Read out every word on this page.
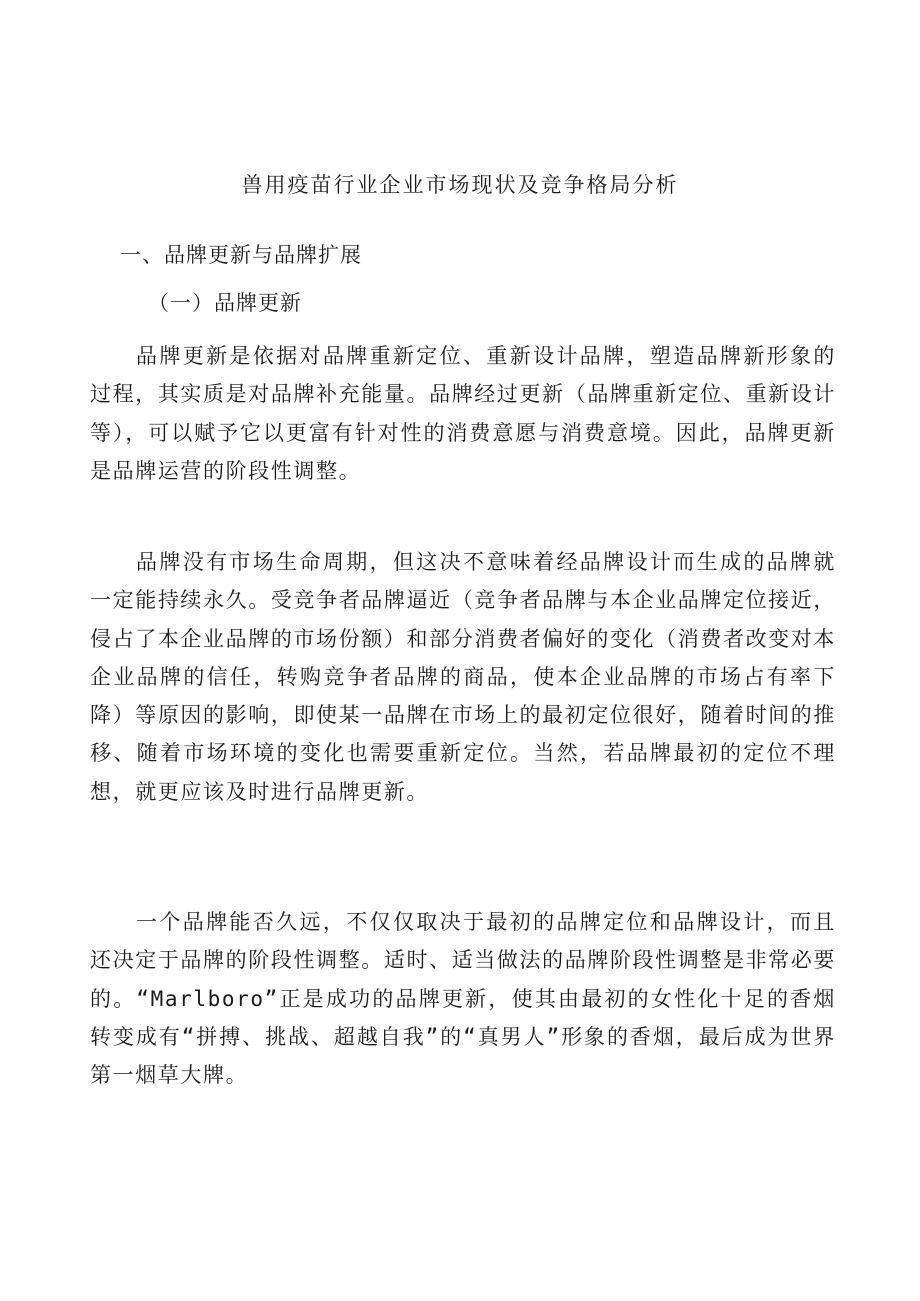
兽用疫苗行业企业市场现状及竞争格局分析
一、品牌更新与品牌扩展
（一）品牌更新

品牌更新是依据对品牌重新定位、重新设计品牌，塑造品牌新形象的过程，其实质是对品牌补充能量。品牌经过更新（品牌重新定位、重新设计等），可以赋予它以更富有针对性的消费意愿与消费意境。因此，品牌更新是品牌运营的阶段性调整。

品牌没有市场生命周期，但这决不意味着经品牌设计而生成的品牌就一定能持续永久。受竞争者品牌逼近（竞争者品牌与本企业品牌定位接近，侵占了本企业品牌的市场份额）和部分消费者偏好的变化（消费者改变对本企业品牌的信任，转购竞争者品牌的商品，使本企业品牌的市场占有率下降）等原因的影响，即使某一品牌在市场上的最初定位很好，随着时间的推移、随着市场环境的变化也需要重新定位。当然，若品牌最初的定位不理想，就更应该及时进行品牌更新。

一个品牌能否久远，不仅仅取决于最初的品牌定位和品牌设计，而且还决定于品牌的阶段性调整。适时、适当做法的品牌阶段性调整是非常必要的。“Marlboro”正是成功的品牌更新，使其由最初的女性化十足的香烟转变成有“拼搏、挑战、超越自我”的“真男人”形象的香烟，最后成为世界第一烟草大牌。
